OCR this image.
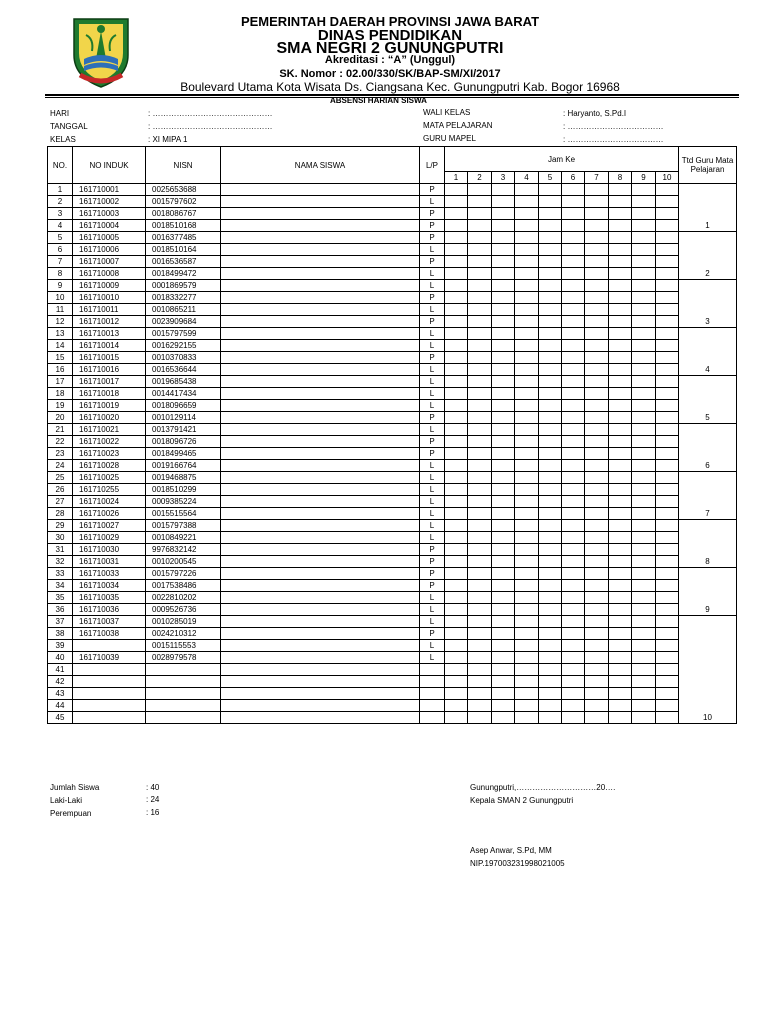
PEMERINTAH DAERAH PROVINSI JAWA BARAT
DINAS PENDIDIKAN
SMA NEGRI 2 GUNUNGPUTRI
Akreditasi : “A” (Unggul)
SK. Nomor : 02.00/330/SK/BAP-SM/XI/2017
Boulevard Utama Kota Wisata Ds. Ciangsana Kec. Gunungputri Kab. Bogor 16968
ABSENSI HARIAN SISWA
HARI	: ………………………………………
TANGGAL	: ………………………………………
KELAS	: XI MIPA 1
WALI KELAS	: Haryanto, S.Pd.I
MATA PELAJARAN	: ………………………………
GURU MAPEL	: ………………………………
NO.	NO INDUK	NISN	NAMA SISWA	L/P	Jam Ke										Ttd Guru Mata Pelajaran
					1	2	3	4	5	6	7	8	9	10	
1	161710001	0025653688		P											1
2	161710002	0015797602		L											
3	161710003	0018086767		P											
4	161710004	0018510168		P											
5	161710005	0016377485		P											2
6	161710006	0018510164		L											
7	161710007	0016536587		P											
8	161710008	0018499472		L											
9	161710009	0001869579		L											3
10	161710010	0018332277		P											
11	161710011	0010865211		L											
12	161710012	0023909684		P											
13	161710013	0015797599		L											4
14	161710014	0016292155		L											
15	161710015	0010370833		P											
16	161710016	0016536644		L											
17	161710017	0019685438		L											5
18	161710018	0014417434		L											
19	161710019	0018096659		L											
20	161710020	0010129114		P											
21	161710021	0013791421		L											6
22	161710022	0018096726		P											
23	161710023	0018499465		P											
24	161710028	0019166764		L											
25	161710025	0019468875		L											7
26	161710255	0018510299		L											
27	161710024	0009385224		L											
28	161710026	0015515564		L											
29	161710027	0015797388		L											8
30	161710029	0010849221		L											
31	161710030	9976832142		P											
32	161710031	0010200545		P											
33	161710033	0015797226		P											9
34	161710034	0017538486		P											
35	161710035	0022810202		L											
36	161710036	0009526736		L											
37	161710037	0010285019		L											10
38	161710038	0024210312		P											
39		0015115553		L											
40	161710039	0028979578		L											
41															
42															
43															
44															
45															
Jumlah Siswa	: 40
Laki-Laki	: 24
Perempuan	: 16
Gunungputri,…………………………20….
Kepala SMAN 2 Gunungputri
Asep Anwar, S.Pd, MM
NIP.197003231998021005
